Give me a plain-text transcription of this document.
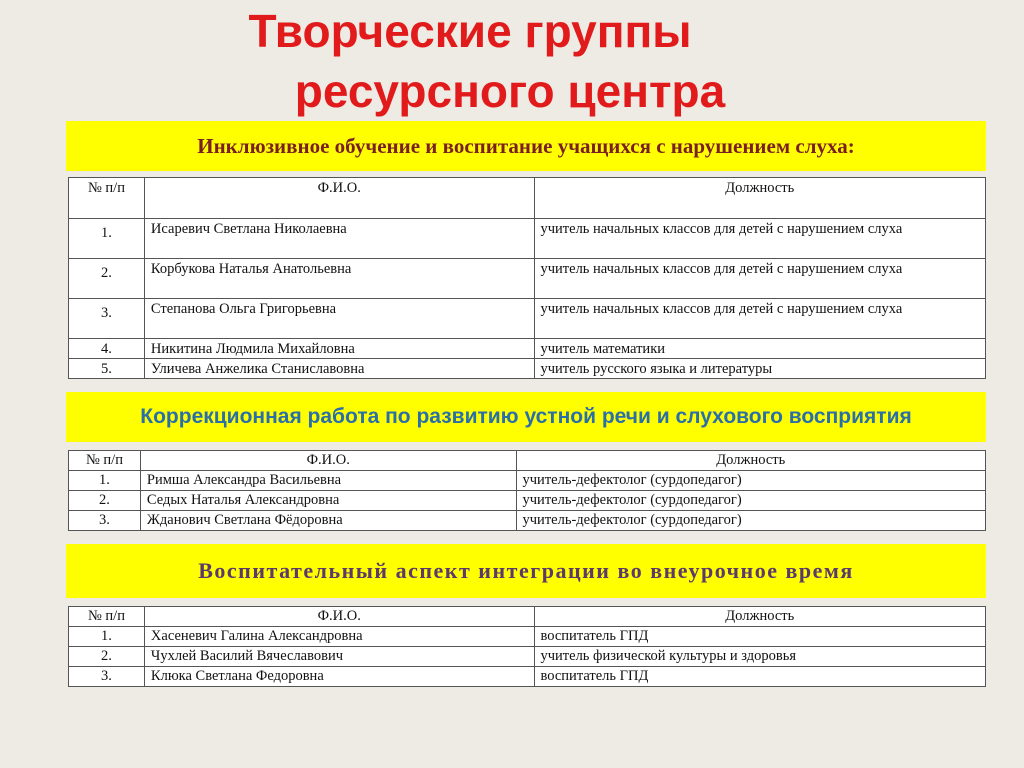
Творческие группы
ресурсного центра
Инклюзивное обучение и воспитание учащихся с нарушением слуха:
№ п/п	Ф.И.О.	Должность
1.	Исаревич Светлана Николаевна	учитель начальных классов для детей с нарушением слуха
2.	Корбукова Наталья Анатольевна	учитель начальных классов для детей с нарушением слуха
3.	Степанова Ольга Григорьевна	учитель начальных классов для детей с нарушением слуха
4.	Никитина Людмила Михайловна	учитель математики
5.	Уличева Анжелика Станиславовна	учитель русского языка и литературы
Коррекционная работа по развитию устной речи и слухового восприятия
№ п/п	Ф.И.О.	Должность
1.	Римша Александра Васильевна	учитель-дефектолог (сурдопедагог)
2.	Седых Наталья Александровна	учитель-дефектолог (сурдопедагог)
3.	Жданович Светлана Фёдоровна	учитель-дефектолог (сурдопедагог)
Воспитательный аспект интеграции во внеурочное время
№ п/п	Ф.И.О.	Должность
1.	Хасеневич Галина Александровна	воспитатель ГПД
2.	Чухлей Василий Вячеславович	учитель физической культуры и здоровья
3.	Клюка Светлана Федоровна	воспитатель ГПД
